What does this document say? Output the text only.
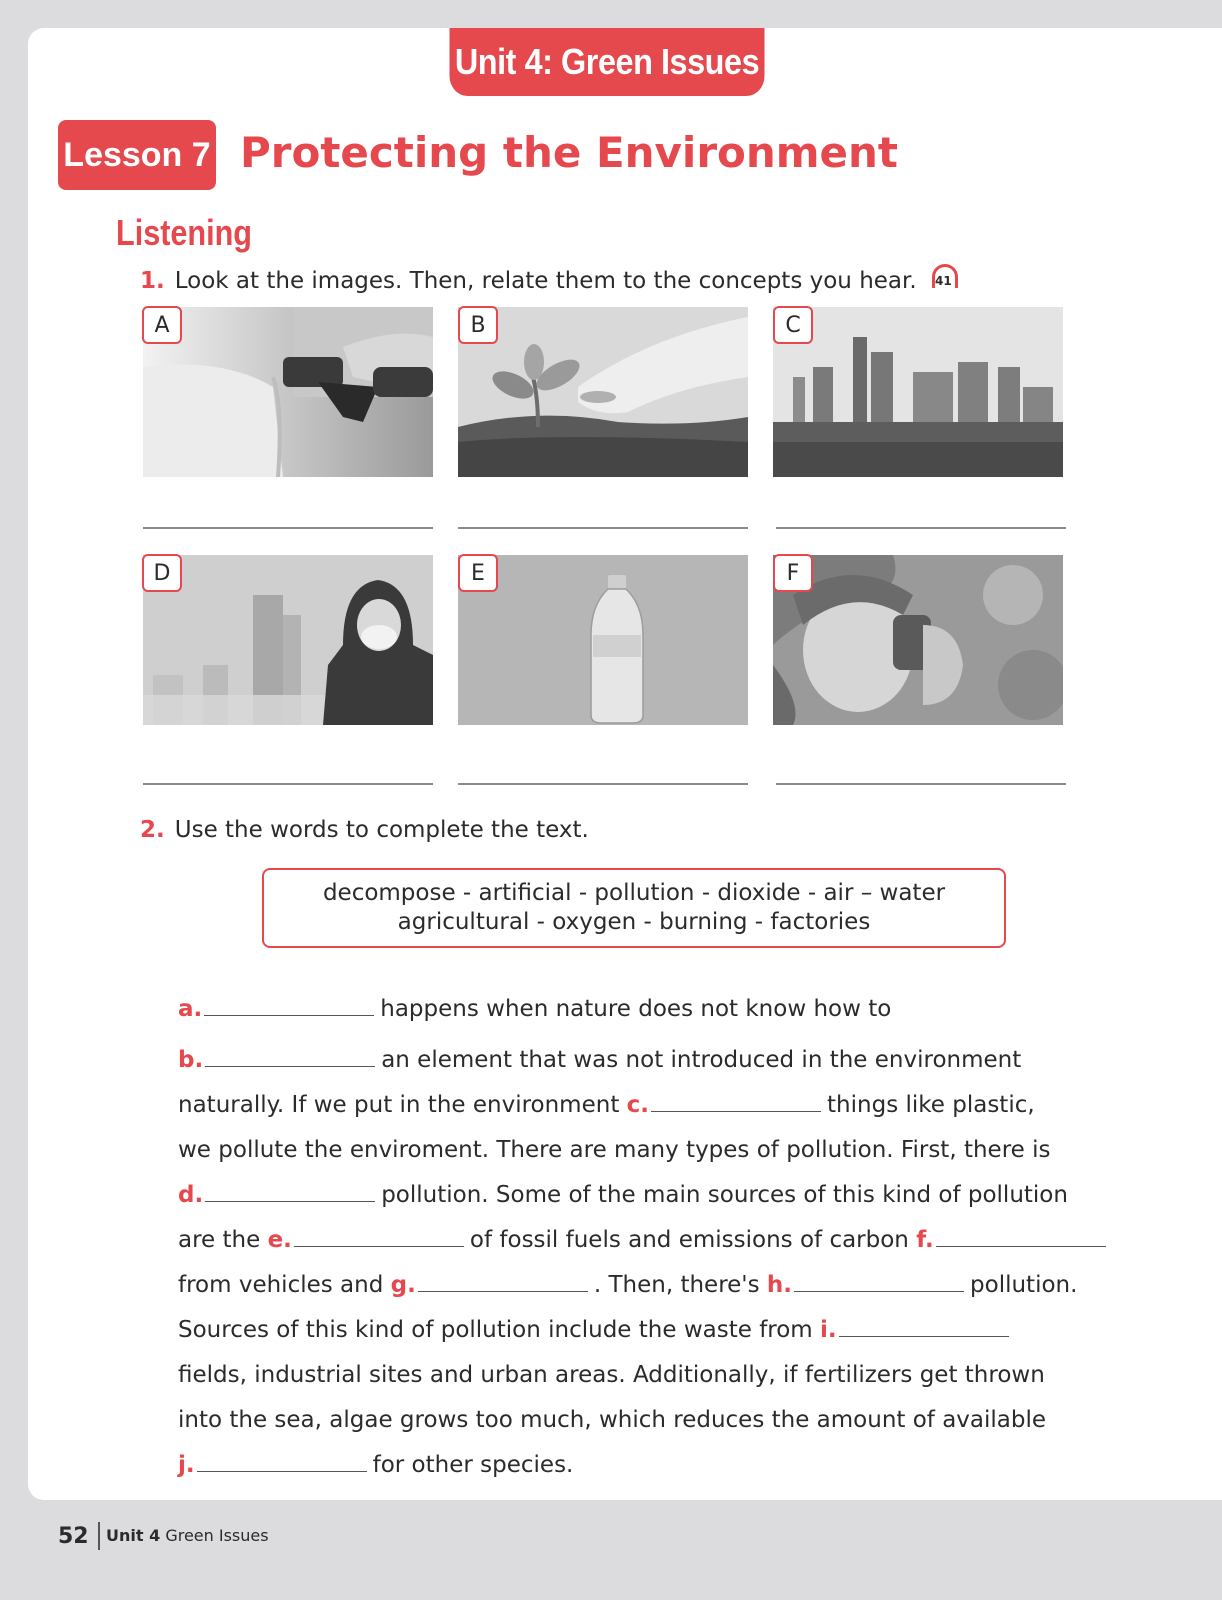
Unit 4: Green Issues
Lesson 7 Protecting the Environment
Listening
1. Look at the images. Then, relate them to the concepts you hear. 41
A	B	C
D	E	F
2. Use the words to complete the text.
decompose - artificial - pollution - dioxide - air – water
agricultural - oxygen - burning - factories
a.	happens when nature does not know how to
b.	an element that was not introduced in the environment
naturally. If we put in the environment c.	things like plastic,
we pollute the enviroment. There are many types of pollution. First, there is
d.	pollution. Some of the main sources of this kind of pollution
are the e.	of fossil fuels and emissions of carbon f.
from vehicles and g.	. Then, there's h.	pollution.
Sources of this kind of pollution include the waste from i.
fields, industrial sites and urban areas. Additionally, if fertilizers get thrown
into the sea, algae grows too much, which reduces the amount of available
j.	for other species.
52 Unit 4 Green Issues
